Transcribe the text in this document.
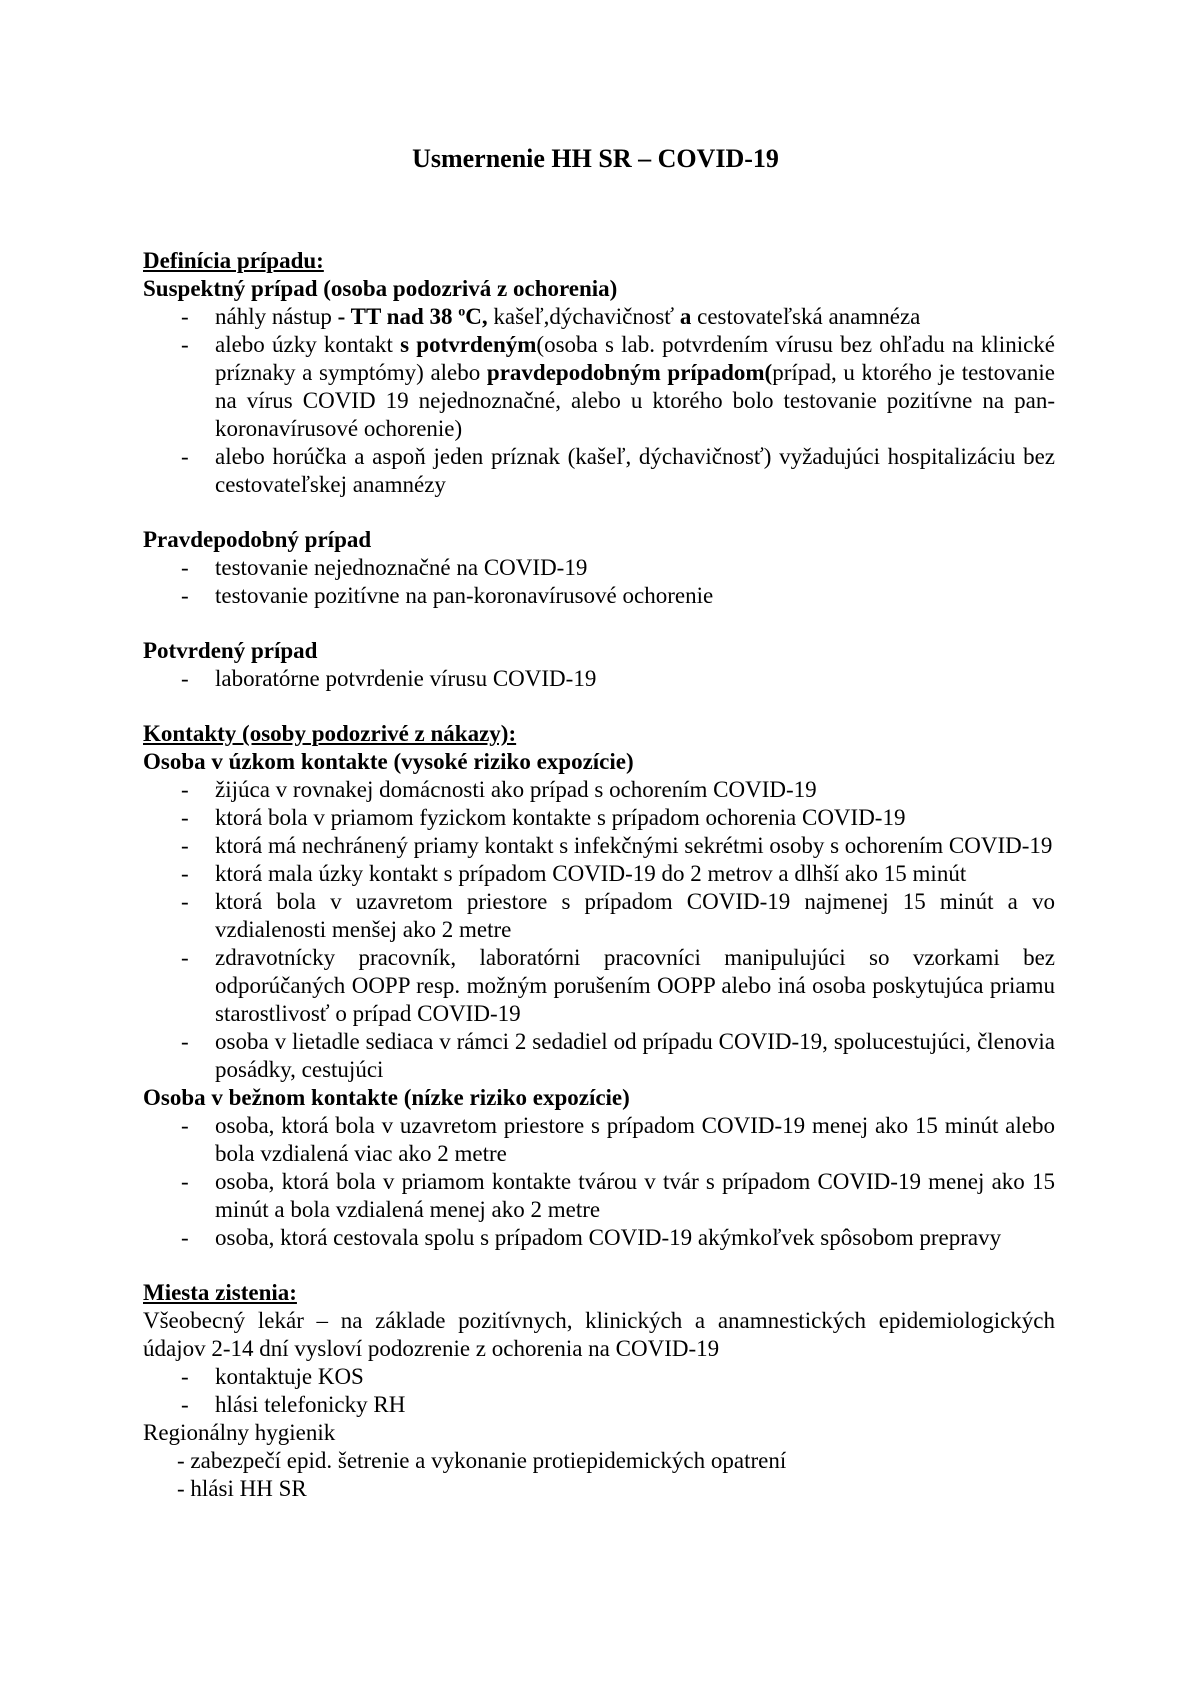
Usmernenie HH SR – COVID-19
Definícia prípadu:
Suspektný prípad (osoba podozrivá z ochorenia)
- náhly nástup - TT nad 38 $^o$C, kašeľ,dýchavičnosť a cestovateľská anamnéza
- alebo úzky kontakt s potvrdeným(osoba s lab. potvrdením vírusu bez ohľadu na klinické príznaky a symptómy) alebo pravdepodobným prípadom(prípad, u ktorého je testovanie na vírus COVID 19 nejednoznačné, alebo u ktorého bolo testovanie pozitívne na pan-koronavírusové ochorenie)
- alebo horúčka a aspoň jeden príznak (kašeľ, dýchavičnosť) vyžadujúci hospitalizáciu bez cestovateľskej anamnézy
Pravdepodobný prípad
- testovanie nejednoznačné na COVID-19
- testovanie pozitívne na pan-koronavírusové ochorenie
Potvrdený prípad
- laboratórne potvrdenie vírusu COVID-19
Kontakty (osoby podozrivé z nákazy):
Osoba v úzkom kontakte (vysoké riziko expozície)
- žijúca v rovnakej domácnosti ako prípad s ochorením COVID-19
- ktorá bola v priamom fyzickom kontakte s prípadom ochorenia COVID-19
- ktorá má nechránený priamy kontakt s infekčnými sekrétmi osoby s ochorením COVID-19
- ktorá mala úzky kontakt s prípadom COVID-19 do 2 metrov a dlhší ako 15 minút
- ktorá bola v uzavretom priestore s prípadom COVID-19 najmenej 15 minút a vo vzdialenosti menšej ako 2 metre
- zdravotnícky pracovník, laboratórni pracovníci manipulujúci so vzorkami bez odporúčaných OOPP resp. možným porušením OOPP alebo iná osoba poskytujúca priamu starostlivosť o prípad COVID-19
- osoba v lietadle sediaca v rámci 2 sedadiel od prípadu COVID-19, spolucestujúci, členovia posádky, cestujúci
Osoba v bežnom kontakte (nízke riziko expozície)
- osoba, ktorá bola v uzavretom priestore s prípadom COVID-19 menej ako 15 minút alebo bola vzdialená viac ako 2 metre
- osoba, ktorá bola v priamom kontakte tvárou v tvár s prípadom COVID-19 menej ako 15 minút a bola vzdialená menej ako 2 metre
- osoba, ktorá cestovala spolu s prípadom COVID-19 akýmkoľvek spôsobom prepravy
Miesta zistenia:
Všeobecný lekár – na základe pozitívnych, klinických a anamnestických epidemiologických údajov 2-14 dní vysloví podozrenie z ochorenia na COVID-19
- kontaktuje KOS
- hlási telefonicky RH
Regionálny hygienik
- zabezpečí epid. šetrenie a vykonanie protiepidemických opatrení
- hlási HH SR
